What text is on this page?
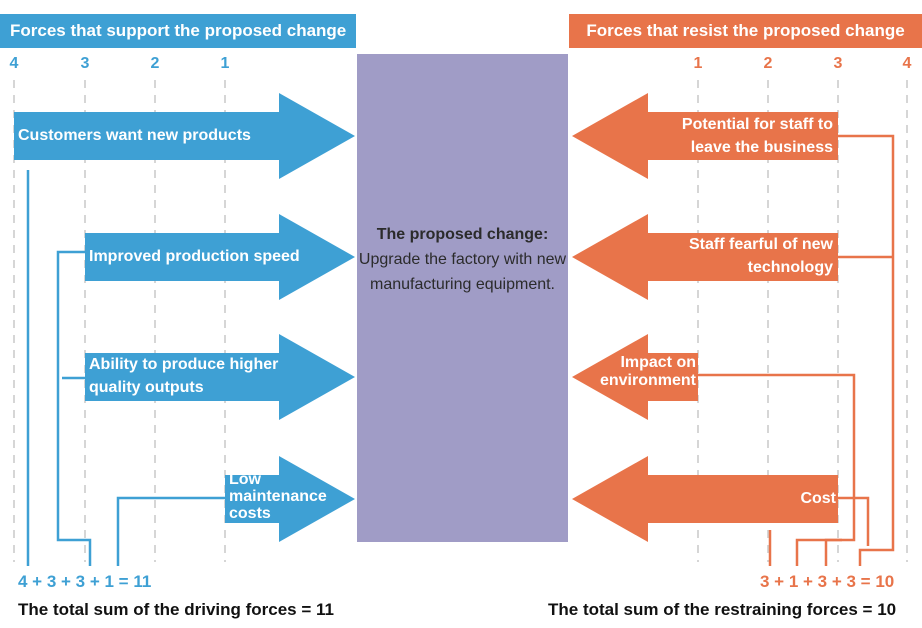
Forces that support the proposed change	Forces that resist the proposed change
4	3	2	1	1	2	3	4
The proposed change:
Upgrade the factory with new manufacturing equipment.
Customers want new products
Improved production speed
Ability to produce higher quality outputs
Low maintenance costs
Potential for staff to leave the business
Staff fearful of new technology
Impact on environment
Cost
4 + 3 + 3 + 1 = 11	3 + 1 + 3 + 3 = 10
The total sum of the driving forces = 11	The total sum of the restraining forces = 10
